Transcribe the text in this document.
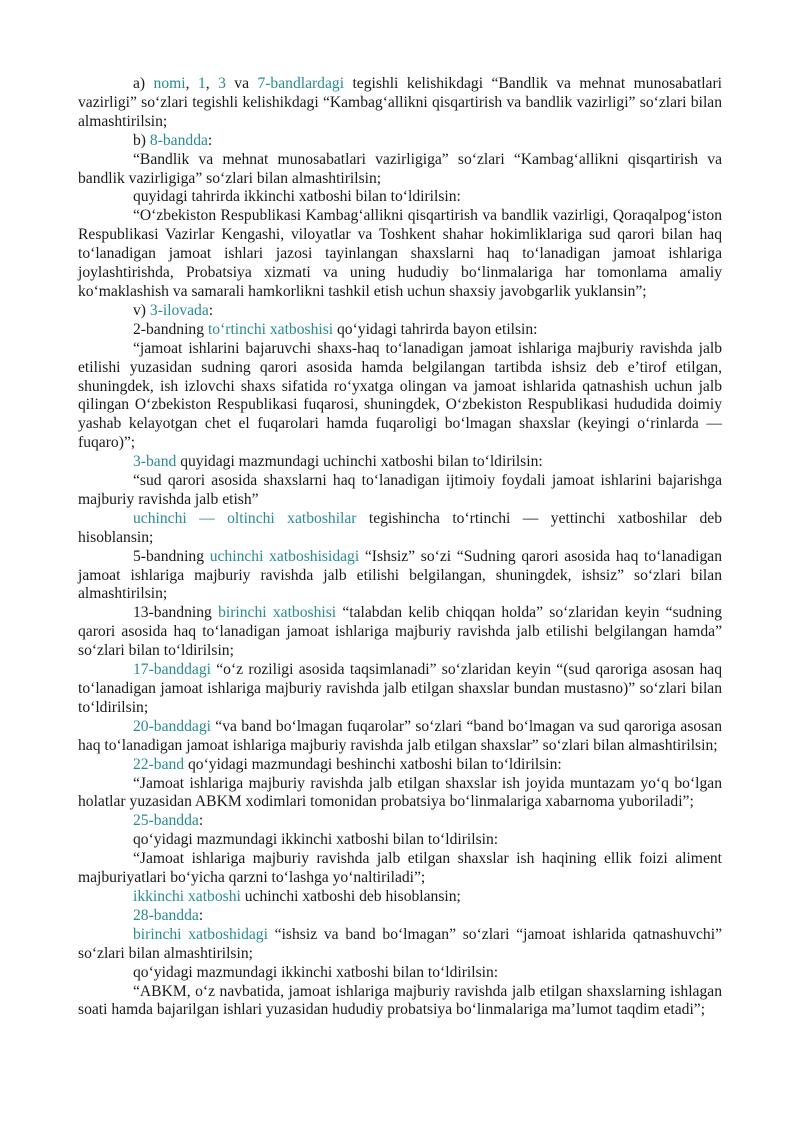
a) nomi, 1, 3 va 7-bandlardagi tegishli kelishikdagi “Bandlik va mehnat munosabatlari vazirligi” so‘zlari tegishli kelishikdagi “Kambag‘allikni qisqartirish va bandlik vazirligi” so‘zlari bilan almashtirilsin;

b) 8-bandda:

“Bandlik va mehnat munosabatlari vazirligiga” so‘zlari “Kambag‘allikni qisqartirish va bandlik vazirligiga” so‘zlari bilan almashtirilsin;

quyidagi tahrirda ikkinchi xatboshi bilan to‘ldirilsin:

“O‘zbekiston Respublikasi Kambag‘allikni qisqartirish va bandlik vazirligi, Qoraqalpog‘iston Respublikasi Vazirlar Kengashi, viloyatlar va Toshkent shahar hokimliklariga sud qarori bilan haq to‘lanadigan jamoat ishlari jazosi tayinlangan shaxslarni haq to‘lanadigan jamoat ishlariga joylashtirishda, Probatsiya xizmati va uning hududiy bo‘linmalariga har tomonlama amaliy ko‘maklashish va samarali hamkorlikni tashkil etish uchun shaxsiy javobgarlik yuklansin”;

v) 3-ilovada:

2-bandning to‘rtinchi xatboshisi qo‘yidagi tahrirda bayon etilsin:

“jamoat ishlarini bajaruvchi shaxs-haq to‘lanadigan jamoat ishlariga majburiy ravishda jalb etilishi yuzasidan sudning qarori asosida hamda belgilangan tartibda ishsiz deb e’tirof etilgan, shuningdek, ish izlovchi shaxs sifatida ro‘yxatga olingan va jamoat ishlarida qatnashish uchun jalb qilingan O‘zbekiston Respublikasi fuqarosi, shuningdek, O‘zbekiston Respublikasi hududida doimiy yashab kelayotgan chet el fuqarolari hamda fuqaroligi bo‘lmagan shaxslar (keyingi o‘rinlarda — fuqaro)”;

3-band quyidagi mazmundagi uchinchi xatboshi bilan to‘ldirilsin:

“sud qarori asosida shaxslarni haq to‘lanadigan ijtimoiy foydali jamoat ishlarini bajarishga majburiy ravishda jalb etish”

uchinchi — oltinchi xatboshilar tegishincha to‘rtinchi — yettinchi xatboshilar deb hisoblansin;

5-bandning uchinchi xatboshisidagi “Ishsiz” so‘zi “Sudning qarori asosida haq to‘lanadigan jamoat ishlariga majburiy ravishda jalb etilishi belgilangan, shuningdek, ishsiz” so‘zlari bilan almashtirilsin;

13-bandning birinchi xatboshisi “talabdan kelib chiqqan holda” so‘zlaridan keyin “sudning qarori asosida haq to‘lanadigan jamoat ishlariga majburiy ravishda jalb etilishi belgilangan hamda” so‘zlari bilan to‘ldirilsin;

17-banddagi “o‘z roziligi asosida taqsimlanadi” so‘zlaridan keyin “(sud qaroriga asosan haq to‘lanadigan jamoat ishlariga majburiy ravishda jalb etilgan shaxslar bundan mustasno)” so‘zlari bilan to‘ldirilsin;

20-banddagi “va band bo‘lmagan fuqarolar” so‘zlari “band bo‘lmagan va sud qaroriga asosan haq to‘lanadigan jamoat ishlariga majburiy ravishda jalb etilgan shaxslar” so‘zlari bilan almashtirilsin;

22-band qo‘yidagi mazmundagi beshinchi xatboshi bilan to‘ldirilsin:

“Jamoat ishlariga majburiy ravishda jalb etilgan shaxslar ish joyida muntazam yo‘q bo‘lgan holatlar yuzasidan ABKM xodimlari tomonidan probatsiya bo‘linmalariga xabarnoma yuboriladi”;

25-bandda:

qo‘yidagi mazmundagi ikkinchi xatboshi bilan to‘ldirilsin:

“Jamoat ishlariga majburiy ravishda jalb etilgan shaxslar ish haqining ellik foizi aliment majburiyatlari bo‘yicha qarzni to‘lashga yo‘naltiriladi”;

ikkinchi xatboshi uchinchi xatboshi deb hisoblansin;

28-bandda:

birinchi xatboshidagi “ishsiz va band bo‘lmagan” so‘zlari “jamoat ishlarida qatnashuvchi” so‘zlari bilan almashtirilsin;

qo‘yidagi mazmundagi ikkinchi xatboshi bilan to‘ldirilsin:

“ABKM, o‘z navbatida, jamoat ishlariga majburiy ravishda jalb etilgan shaxslarning ishlagan soati hamda bajarilgan ishlari yuzasidan hududiy probatsiya bo‘linmalariga ma’lumot taqdim etadi”;
